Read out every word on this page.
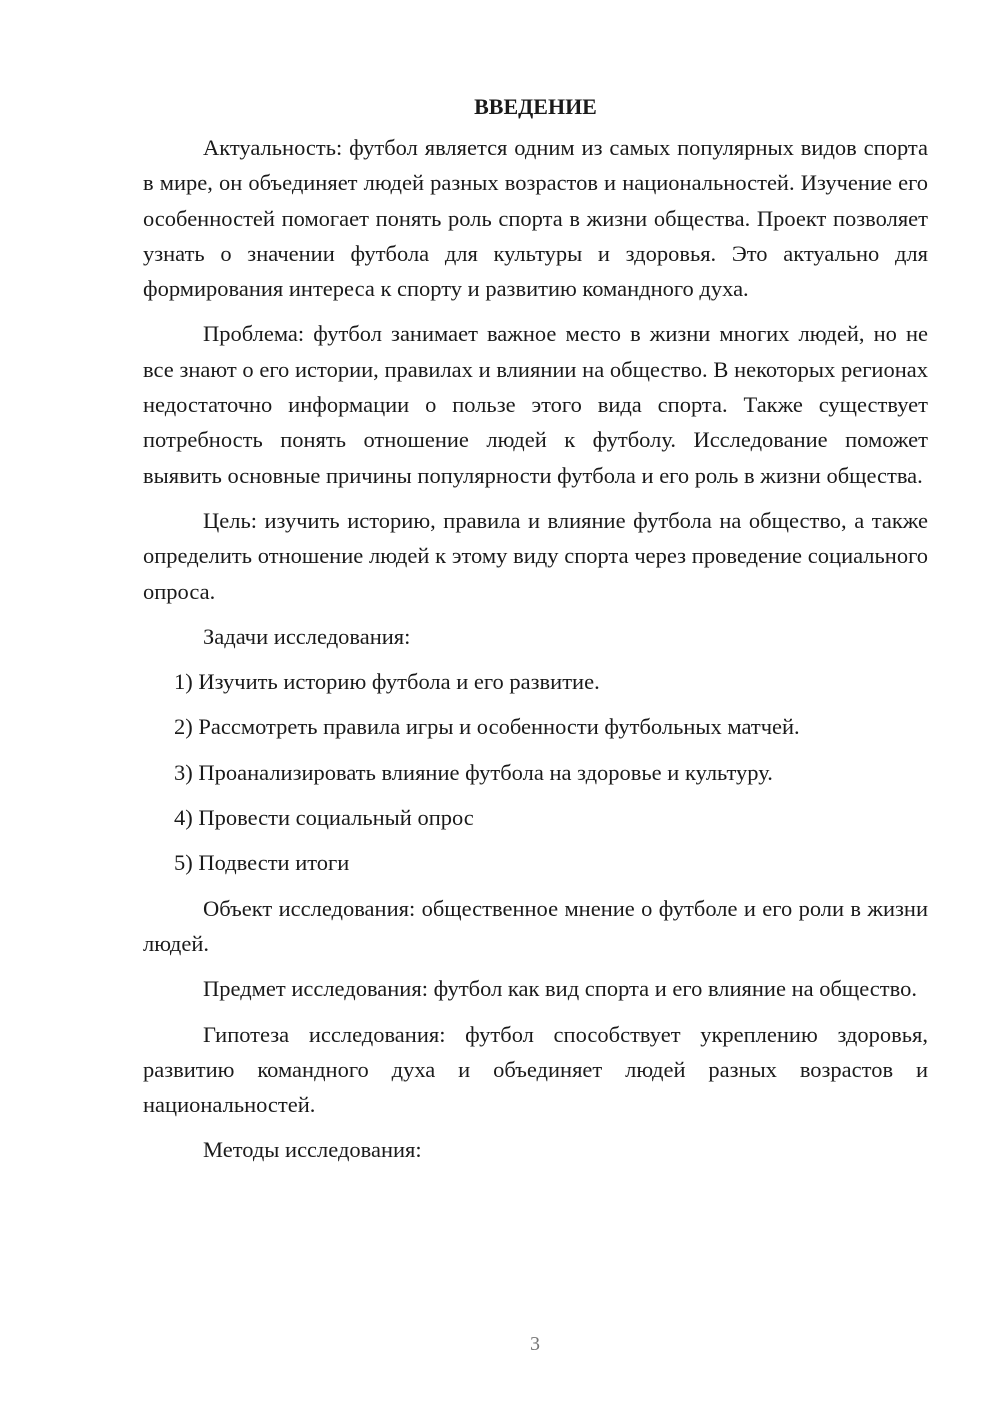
ВВЕДЕНИЕ

Актуальность: футбол является одним из самых популярных видов спорта в мире, он объединяет людей разных возрастов и национальностей. Изучение его особенностей помогает понять роль спорта в жизни общества. Проект позволяет узнать о значении футбола для культуры и здоровья. Это актуально для формирования интереса к спорту и развитию командного духа.

Проблема: футбол занимает важное место в жизни многих людей, но не все знают о его истории, правилах и влиянии на общество. В некоторых регионах недостаточно информации о пользе этого вида спорта. Также существует потребность понять отношение людей к футболу. Исследование поможет выявить основные причины популярности футбола и его роль в жизни общества.

Цель: изучить историю, правила и влияние футбола на общество, а также определить отношение людей к этому виду спорта через проведение социального опроса.

Задачи исследования:

1) Изучить историю футбола и его развитие.
2) Рассмотреть правила игры и особенности футбольных матчей.
3) Проанализировать влияние футбола на здоровье и культуру.
4) Провести социальный опрос
5) Подвести итоги

Объект исследования: общественное мнение о футболе и его роли в жизни людей.

Предмет исследования: футбол как вид спорта и его влияние на общество.

Гипотеза исследования: футбол способствует укреплению здоровья, развитию командного духа и объединяет людей разных возрастов и национальностей.

Методы исследования:

3
